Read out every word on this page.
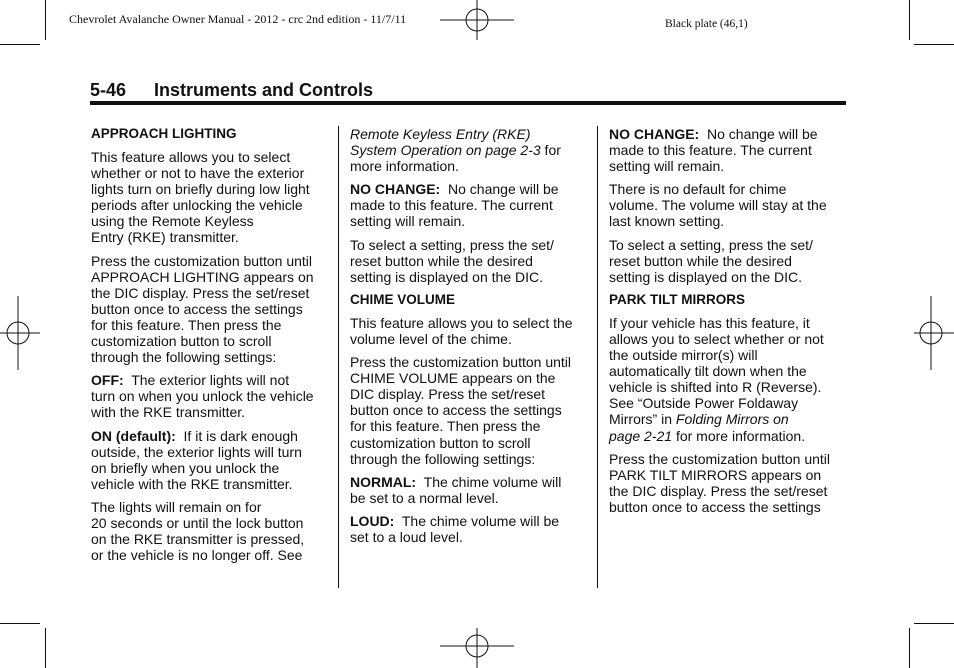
Chevrolet Avalanche Owner Manual - 2012 - crc 2nd edition - 11/7/11	Black plate (46,1)
5-46 Instruments and Controls
APPROACH LIGHTING

This feature allows you to select
whether or not to have the exterior
lights turn on briefly during low light
periods after unlocking the vehicle
using the Remote Keyless
Entry (RKE) transmitter.

Press the customization button until
APPROACH LIGHTING appears on
the DIC display. Press the set/reset
button once to access the settings
for this feature. Then press the
customization button to scroll
through the following settings:

OFF: The exterior lights will not
turn on when you unlock the vehicle
with the RKE transmitter.

ON (default): If it is dark enough
outside, the exterior lights will turn
on briefly when you unlock the
vehicle with the RKE transmitter.

The lights will remain on for
20 seconds or until the lock button
on the RKE transmitter is pressed,
or the vehicle is no longer off. See

Remote Keyless Entry (RKE)
System Operation on page 2-3 for
more information.

NO CHANGE: No change will be
made to this feature. The current
setting will remain.

To select a setting, press the set/
reset button while the desired
setting is displayed on the DIC.

CHIME VOLUME

This feature allows you to select the
volume level of the chime.

Press the customization button until
CHIME VOLUME appears on the
DIC display. Press the set/reset
button once to access the settings
for this feature. Then press the
customization button to scroll
through the following settings:

NORMAL: The chime volume will
be set to a normal level.

LOUD: The chime volume will be
set to a loud level.

NO CHANGE: No change will be
made to this feature. The current
setting will remain.

There is no default for chime
volume. The volume will stay at the
last known setting.

To select a setting, press the set/
reset button while the desired
setting is displayed on the DIC.

PARK TILT MIRRORS

If your vehicle has this feature, it
allows you to select whether or not
the outside mirror(s) will
automatically tilt down when the
vehicle is shifted into R (Reverse).
See “Outside Power Foldaway
Mirrors” in Folding Mirrors on
page 2-21 for more information.

Press the customization button until
PARK TILT MIRRORS appears on
the DIC display. Press the set/reset
button once to access the settings
